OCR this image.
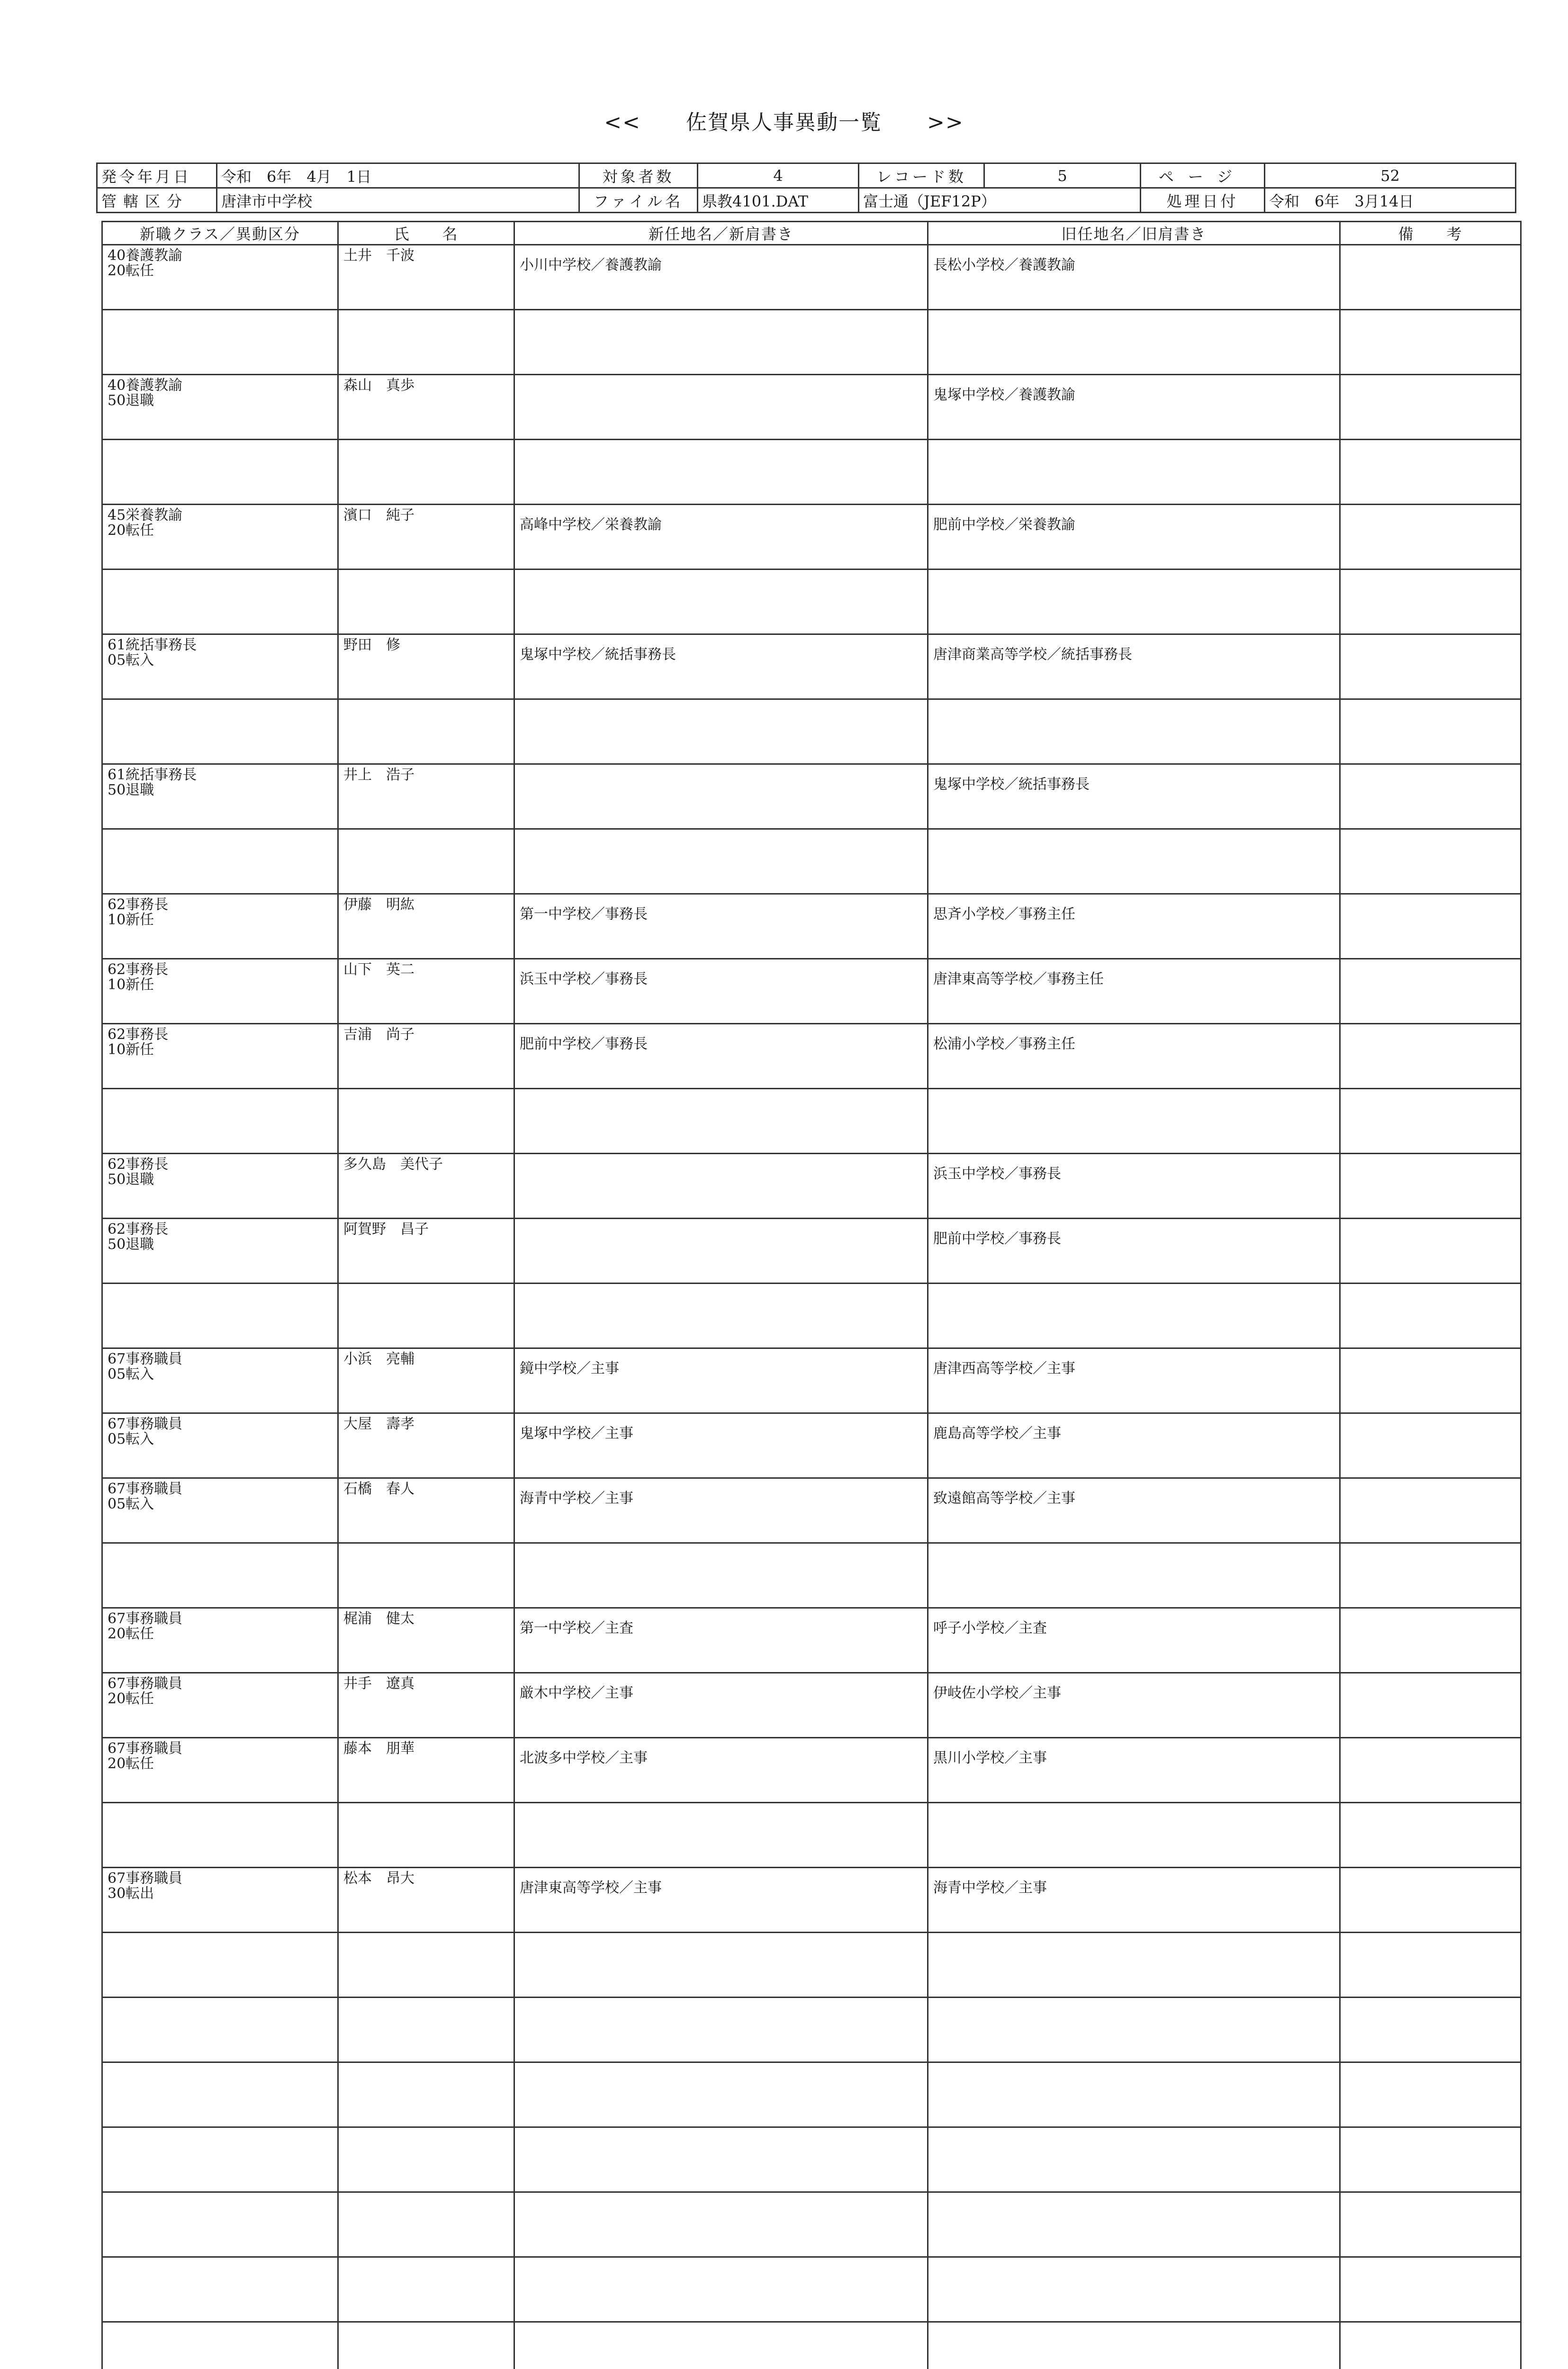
<< 佐賀県人事異動一覧 >>
発令年月日	令和　6年　4月　1日	対象者数	4	レコード数	5	ページ	52
管轄区分	唐津市中学校	ファイル名	県教4101.DAT	富士通（JEF12P）		処理日付	令和　6年　3月14日
新職クラス／異動区分	氏　　名	新任地名／新肩書き	旧任地名／旧肩書き	備　　考

40養護教諭
20転任	土井　千波	小川中学校／養護教諭	長松小学校／養護教諭	

40養護教諭
50退職	森山　真歩		鬼塚中学校／養護教諭	

45栄養教諭
20転任	濱口　純子	高峰中学校／栄養教諭	肥前中学校／栄養教諭	

61統括事務長
05転入	野田　修	鬼塚中学校／統括事務長	唐津商業高等学校／統括事務長	

61統括事務長
50退職	井上　浩子		鬼塚中学校／統括事務長	

62事務長
10新任	伊藤　明紘	第一中学校／事務長	思斉小学校／事務主任	

62事務長
10新任	山下　英二	浜玉中学校／事務長	唐津東高等学校／事務主任	

62事務長
10新任	吉浦　尚子	肥前中学校／事務長	松浦小学校／事務主任	

62事務長
50退職	多久島　美代子		浜玉中学校／事務長	

62事務長
50退職	阿賀野　昌子		肥前中学校／事務長	

67事務職員
05転入	小浜　亮輔	鏡中学校／主事	唐津西高等学校／主事	

67事務職員
05転入	大屋　壽孝	鬼塚中学校／主事	鹿島高等学校／主事	

67事務職員
05転入	石橋　春人	海青中学校／主事	致遠館高等学校／主事	

67事務職員
20転任	梶浦　健太	第一中学校／主査	呼子小学校／主査	

67事務職員
20転任	井手　遼真	厳木中学校／主事	伊岐佐小学校／主事	

67事務職員
20転任	藤本　朋華	北波多中学校／主事	黒川小学校／主事	

67事務職員
30転出	松本　昂大	唐津東高等学校／主事	海青中学校／主事	
